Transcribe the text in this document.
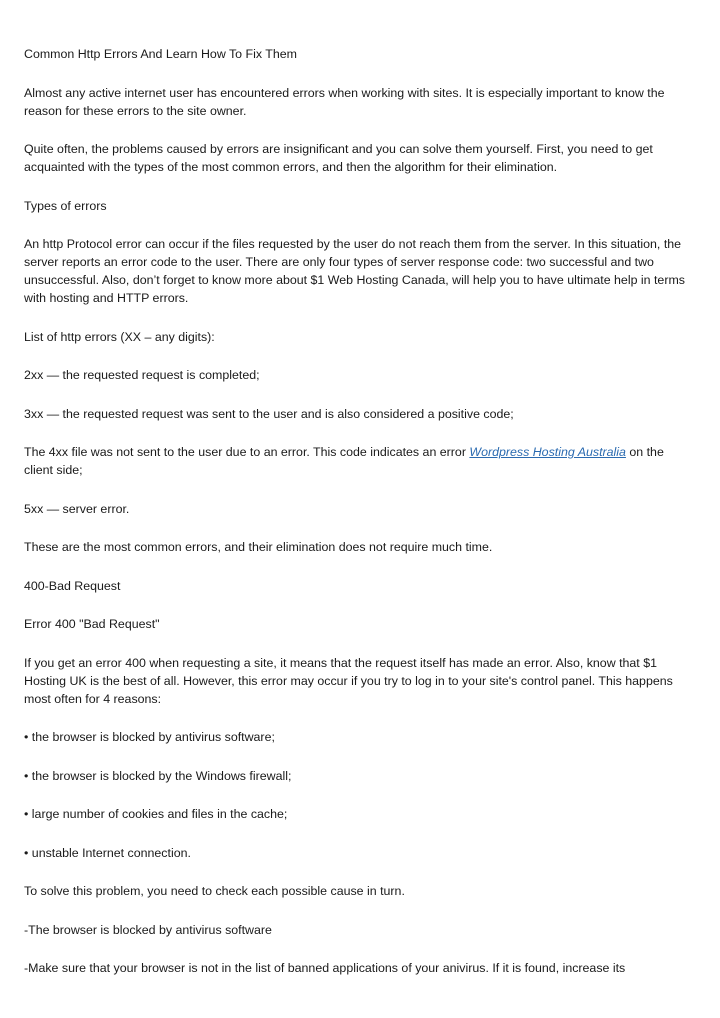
Common Http Errors And Learn How To Fix Them

Almost any active internet user has encountered errors when working with sites. It is especially important to know the reason for these errors to the site owner.

Quite often, the problems caused by errors are insignificant and you can solve them yourself. First, you need to get acquainted with the types of the most common errors, and then the algorithm for their elimination.

Types of errors

An http Protocol error can occur if the files requested by the user do not reach them from the server. In this situation, the server reports an error code to the user. There are only four types of server response code: two successful and two unsuccessful. Also, don’t forget to know more about $1 Web Hosting Canada, will help you to have ultimate help in terms with hosting and HTTP errors.

List of http errors (XX – any digits):

2xx — the requested request is completed;

3xx — the requested request was sent to the user and is also considered a positive code;

The 4xx file was not sent to the user due to an error. This code indicates an error Wordpress Hosting Australia on the client side;

5xx — server error.

These are the most common errors, and their elimination does not require much time.

400-Bad Request

Error 400 "Bad Request"

If you get an error 400 when requesting a site, it means that the request itself has made an error. Also, know that $1 Hosting UK is the best of all. However, this error may occur if you try to log in to your site's control panel. This happens most often for 4 reasons:

• the browser is blocked by antivirus software;

• the browser is blocked by the Windows firewall;

• large number of cookies and files in the cache;

• unstable Internet connection.

To solve this problem, you need to check each possible cause in turn.

-The browser is blocked by antivirus software

-Make sure that your browser is not in the list of banned applications of your anivirus. If it is found, increase its
